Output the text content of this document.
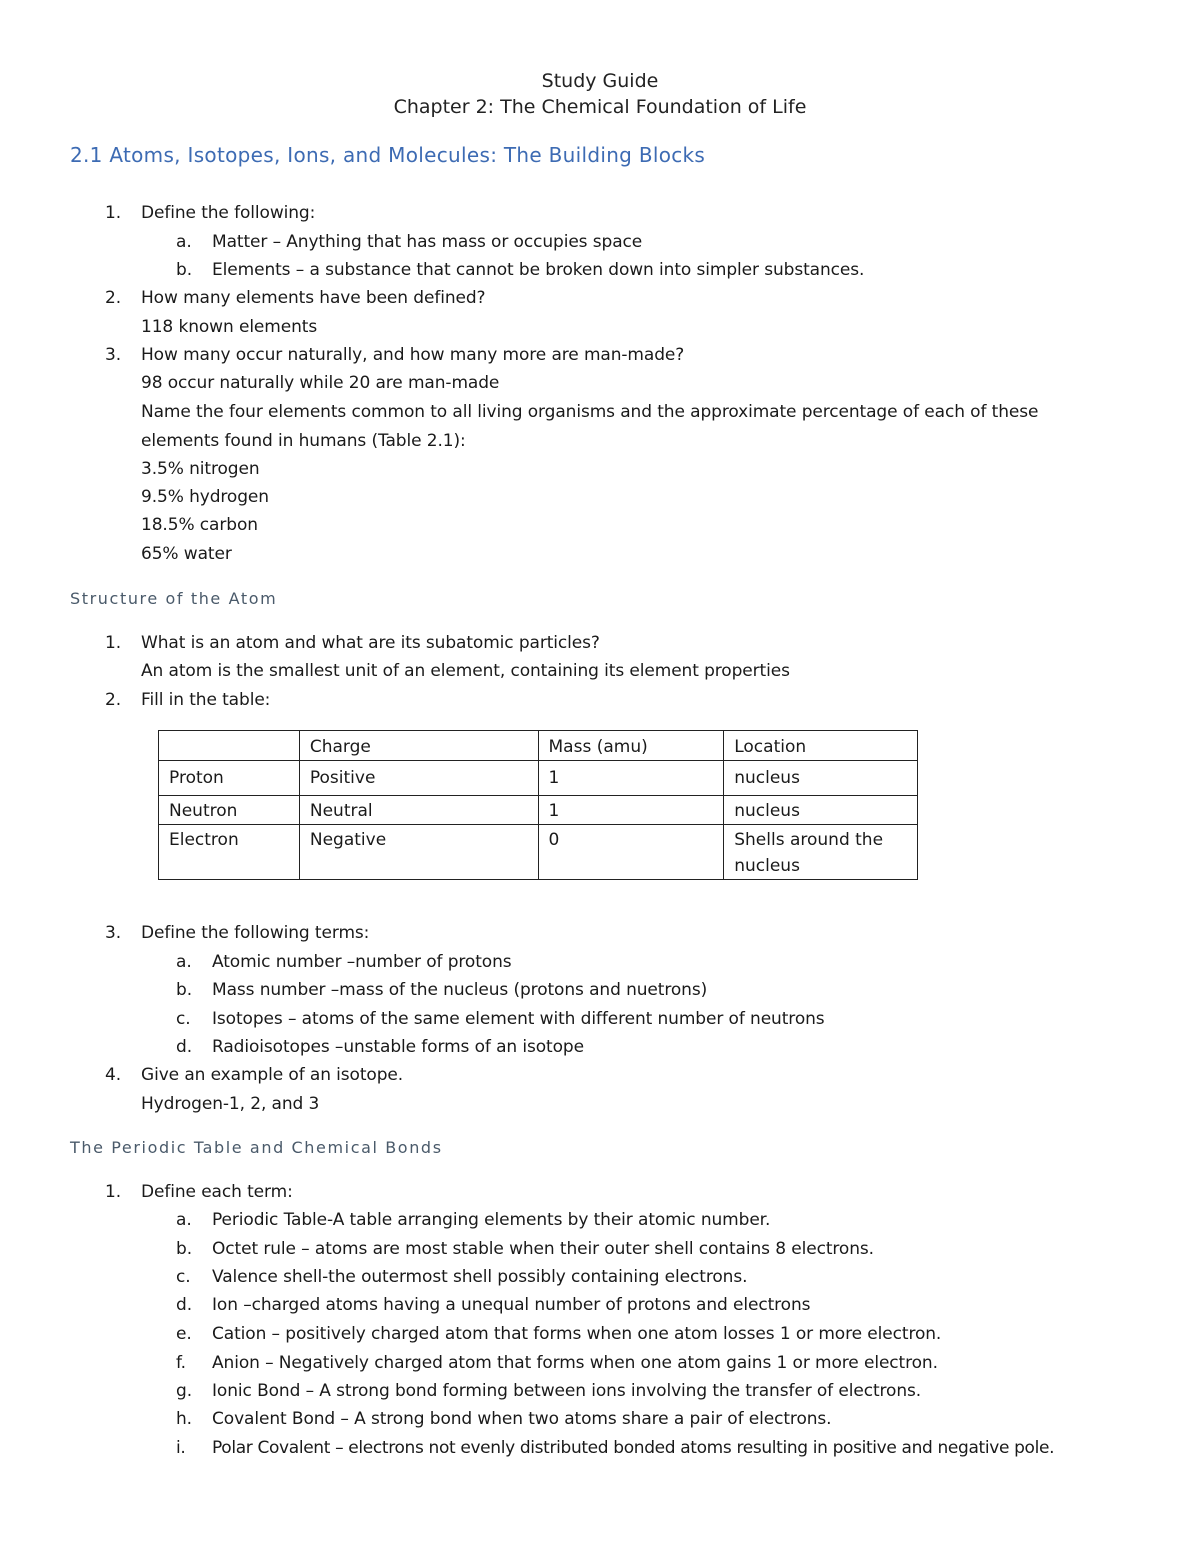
Study Guide
Chapter 2: The Chemical Foundation of Life
2.1 Atoms, Isotopes, Ions, and Molecules: The Building Blocks
1. Define the following:
a. Matter – Anything that has mass or occupies space
b. Elements – a substance that cannot be broken down into simpler substances.
2. How many elements have been defined?
118 known elements
3. How many occur naturally, and how many more are man-made?
98 occur naturally while 20 are man-made
Name the four elements common to all living organisms and the approximate percentage of each of these
elements found in humans (Table 2.1):
3.5% nitrogen
9.5% hydrogen
18.5% carbon
65% water
Structure of the Atom
1. What is an atom and what are its subatomic particles?
An atom is the smallest unit of an element, containing its element properties
2. Fill in the table:
	Charge	Mass (amu)	Location
Proton	Positive	1	nucleus
Neutron	Neutral	1	nucleus
Electron	Negative	0	Shells around the nucleus
3. Define the following terms:
a. Atomic number –number of protons
b. Mass number –mass of the nucleus (protons and nuetrons)
c. Isotopes – atoms of the same element with different number of neutrons
d. Radioisotopes –unstable forms of an isotope
4. Give an example of an isotope.
Hydrogen-1, 2, and 3
The Periodic Table and Chemical Bonds
1. Define each term:
a. Periodic Table-A table arranging elements by their atomic number.
b. Octet rule – atoms are most stable when their outer shell contains 8 electrons.
c. Valence shell-the outermost shell possibly containing electrons.
d. Ion –charged atoms having a unequal number of protons and electrons
e. Cation – positively charged atom that forms when one atom losses 1 or more electron.
f. Anion – Negatively charged atom that forms when one atom gains 1 or more electron.
g. Ionic Bond – A strong bond forming between ions involving the transfer of electrons.
h. Covalent Bond – A strong bond when two atoms share a pair of electrons.
i. Polar Covalent – electrons not evenly distributed bonded atoms resulting in positive and negative pole.
